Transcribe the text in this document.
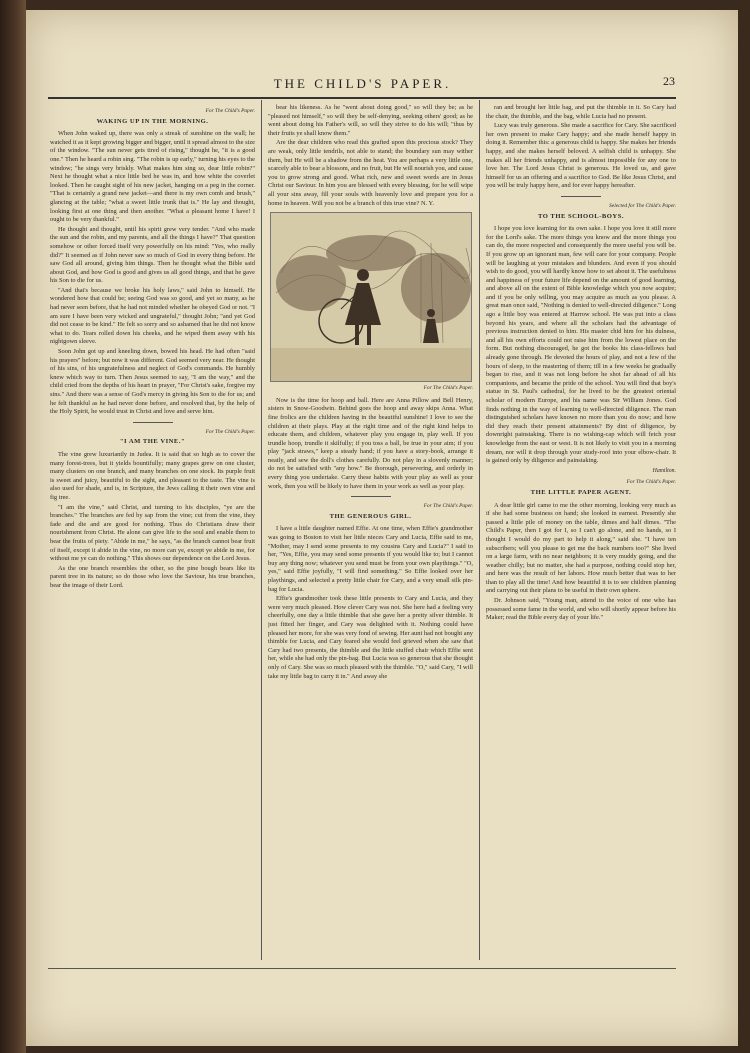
THE CHILD'S PAPER.	23
For The Child's Paper.
WAKING UP IN THE MORNING.
When John waked up, there was only a streak of sunshine on the wall; he watched it as it kept growing bigger and bigger, until it spread almost to the size of the window. "The sun never gets tired of rising," thought he, "it is a good one." Then he heard a robin sing. "The robin is up early," turning his eyes to the window; "he sings very briskly. What makes him sing so, dear little robin?" Next he thought what a nice little bed he was in, and how white the coverlet looked. Then he caught sight of his new jacket, hanging on a peg in the corner. "That is certainly a grand new jacket—and there is my own comb and brush," glancing at the table; "what a sweet little trunk that is." He lay and thought, looking first at one thing and then another. "What a pleasant home I have! I ought to be very thankful."
He thought and thought, until his spirit grew very tender. "And who made the sun and the robin, and my parents, and all the things I have?" That question somehow or other forced itself very powerfully on his mind: "Yes, who really did?" It seemed as if John never saw so much of God in every thing before. He saw God all around, giving him things. Then he thought what the Bible said about God, and how God is good and gives us all good things, and that he gave his Son to die for us.
"And that's because we broke his holy laws," said John to himself. He wondered how that could be; seeing God was so good, and yet so many, as he had never seen before, that he had not minded whether he obeyed God or not. "I am sure I have been very wicked and ungrateful," thought John; "and yet God did not cease to be kind." He felt so sorry and so ashamed that he did not know what to do. Tears rolled down his cheeks, and he wiped them away with his nightgown sleeve.
Soon John got up and kneeling down, bowed his head. He had often "said his prayers" before; but now it was different. God seemed very near. He thought of his sins, of his ungratefulness and neglect of God's commands. He humbly knew which way to turn. Then Jesus seemed to say, "I am the way," and the child cried from the depths of his heart in prayer, "For Christ's sake, forgive my sins." And there was a sense of God's mercy in giving his Son to die for us; and he felt thankful as he had never done before, and resolved that, by the help of the Holy Spirit, he would trust in Christ and love and serve him.
For The Child's Paper.
"I AM THE VINE."
The vine grew luxuriantly in Judea. It is said that so high as to cover the many forest-trees, but it yields bountifully; many grapes grew on one cluster, many clusters on one branch, and many branches on one stock. Its purple fruit is sweet and juicy, beautiful to the sight, and pleasant to the taste. The vine is also used for shade, and is, in Scripture, the Jews calling it their own vine and fig tree.
"I am the vine," said Christ, and turning to his disciples, "ye are the branches." The branches are fed by sap from the vine; cut from the vine, they fade and die and are good for nothing. Thus do Christians draw their nourishment from Christ. He alone can give life to the soul and enable them to bear the fruits of piety. "Abide in me," he says, "as the branch cannot bear fruit of itself, except it abide in the vine, no more can ye, except ye abide in me, for without me ye can do nothing." This shows our dependence on the Lord Jesus.
As the one branch resembles the other, so the pine bough bears like its parent tree in its nature; so do those who love the Saviour, his true branches, bear the image of their Lord.
bear his likeness. As he "went about doing good," so will they be; as he "pleased not himself," so will they be self-denying, seeking others' good; as he went about doing his Father's will, so will they strive to do his will; "thus by their fruits ye shall know them."
Are the dear children who read this grafted upon this precious stock? They are weak, only little tendrils, not able to stand; the boundary sun may wither them, but He will be a shadow from the heat. You are perhaps a very little one, scarcely able to bear a blossom, and no fruit, but He will nourish you, and cause you to grow strong and good. What rich, new and sweet words are in Jesus Christ our Saviour. In him you are blessed with every blessing, for he will wipe all your sins away, fill your souls with heavenly love and prepare you for a home in heaven. Will you not be a branch of this true vine? N. Y.
For The Child's Paper.
Now is the time for hoop and ball. Here are Anna Pillow and Bell Henry, sisters in Snow-Goodwin. Behind goes the hoop and away skips Anna. What fine frolics are the children having in the beautiful sunshine! I love to see the children at their plays. Play at the right time and of the right kind helps to educate them, and children, whatever play you engage in, play well. If you trundle hoop, trundle it skilfully; if you toss a ball, be true in your aim; if you play "jack straws," keep a steady hand; if you have a story-book, arrange it neatly, and sew the doll's clothes carefully. Do not play in a slovenly manner; do not be satisfied with "any how." Be thorough, persevering, and orderly in every thing you undertake. Carry these habits with your play as well as your work, then you will be likely to have them in your work as well as your play.
For The Child's Paper.
THE GENEROUS GIRL.
I have a little daughter named Effie. At one time, when Effie's grandmother was going to Boston to visit her little nieces Cary and Lucia, Effie said to me, "Mother, may I send some presents to my cousins Cary and Lucia?" I said to her, "Yes, Effie, you may send some presents if you would like to; but I cannot buy any thing now; whatever you send must be from your own playthings." "O, yes," said Effie joyfully, "I will find something." So Effie looked over her playthings, and selected a pretty little chair for Cary, and a very small silk pin-bag for Lucia.
Effie's grandmother took these little presents to Cary and Lucia, and they were very much pleased. How clever Cary was not. She here had a feeling very cheerfully, one day a little thimble that she gave her a pretty silver thimble. It just fitted her finger, and Cary was delighted with it. Nothing could have pleased her more, for she was very fond of sewing. Her aunt had not bought any thimble for Lucia, and Cary feared she would feel grieved when she saw that Cary had two presents, the thimble and the little stuffed chair which Effie sent her, while she had only the pin-bag. But Lucia was so generous that she thought only of Cary. She was so much pleased with the thimble. "O," said Cary, "I will take my little bag to carry it in." And away she
ran and brought her little bag, and put the thimble in it. So Cary had the chair, the thimble, and the bag, while Lucia had no present.
Lucy was truly generous. She made a sacrifice for Cary. She sacrificed her own present to make Cary happy; and she made herself happy in doing it. Remember this: a generous child is happy. She makes her friends happy, and she makes herself beloved. A selfish child is unhappy. She makes all her friends unhappy, and is almost impossible for any one to love her. The Lord Jesus Christ is generous. He loved us, and gave himself for us an offering and a sacrifice to God. Be like Jesus Christ, and you will be truly happy here, and for ever happy hereafter.
Selected for The Child's Paper.
TO THE SCHOOL-BOYS.
I hope you love learning for its own sake. I hope you love it still more for the Lord's sake. The more things you know and the more things you can do, the more respected and consequently the more useful you will be. If you grow up an ignorant man, few will care for your company. People will be laughing at your mistakes and blunders. And even if you should wish to do good, you will hardly know how to set about it. The usefulness and happiness of your future life depend on the amount of good learning, and above all on the extent of Bible knowledge which you now acquire; and if you be only willing, you may acquire as much as you please. A great man once said, "Nothing is denied to well-directed diligence." Long ago a little boy was entered at Harrow school. He was put into a class beyond his years, and where all the scholars had the advantage of previous instruction denied to him. His master chid him for his dulness, and all his own efforts could not raise him from the lowest place on the form. But nothing discouraged, he got the books his class-fellows had already gone through. He devoted the hours of play, and not a few of the hours of sleep, to the mastering of them; till in a few weeks he gradually began to rise, and it was not long before he shot far ahead of all his companions, and became the pride of the school. You will find that boy's statue in St. Paul's cathedral, for he lived to be the greatest oriental scholar of modern Europe, and his name was Sir William Jones. God finds nothing in the way of learning to well-directed diligence. The man distinguished scholars have known no more than you do now; and how did they reach their present attainments? By dint of diligence, by downright painstaking. There is no wishing-cap which will fetch your knowledge from the east or west. It is not likely to visit you in a morning dream, nor will it drop through your study-roof into your elbow-chair. It is gained only by diligence and painstaking.
Hamilton.
For The Child's Paper.
THE LITTLE PAPER AGENT.
A dear little girl came to me the other morning, looking very much as if she had some business on hand; she looked in earnest. Presently she passed a little pile of money on the table, dimes and half dimes. "The Child's Paper, then I got for I, so I can't go alone, and no hands, so I thought I would do my part to help it along," said she. "I have ten subscribers; will you please to get me the back numbers too?" She lived on a large farm, with no near neighbors; it is very muddy going, and the weather chilly; but no matter, she had a purpose, nothing could stop her, and here was the result of her labors. How much better that was to her than to play all the time! And how beautiful it is to see children planning and carrying out their plans to be useful in their own sphere.
Dr. Johnson said, "Young man, attend to the voice of one who has possessed some fame in the world, and who will shortly appear before his Maker; read the Bible every day of your life."
